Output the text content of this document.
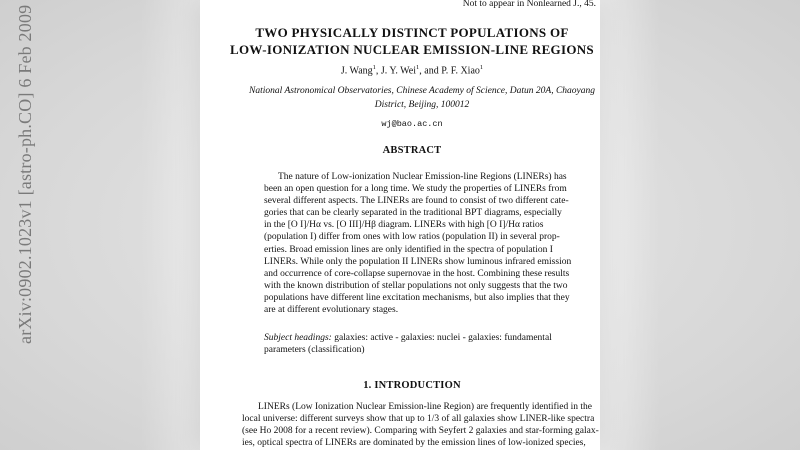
Not to appear in Nonlearned J., 45.
TWO PHYSICALLY DISTINCT POPULATIONS OF
LOW-IONIZATION NUCLEAR EMISSION-LINE REGIONS
J. Wang$^1$, J. Y. Wei$^1$, and P. F. Xiao$^1$
National Astronomical Observatories, Chinese Academy of Science, Datun 20A, Chaoyang
District, Beijing, 100012
wj@bao.ac.cn
ABSTRACT
The nature of Low-ionization Nuclear Emission-line Regions (LINERs) has
been an open question for a long time. We study the properties of LINERs from
several different aspects. The LINERs are found to consist of two different cate-
gories that can be clearly separated in the traditional BPT diagrams, especially
in the [O I]/Hα vs. [O III]/Hβ diagram. LINERs with high [O I]/Hα ratios
(population I) differ from ones with low ratios (population II) in several prop-
erties. Broad emission lines are only identified in the spectra of population I
LINERs. While only the population II LINERs show luminous infrared emission
and occurrence of core-collapse supernovae in the host. Combining these results
with the known distribution of stellar populations not only suggests that the two
populations have different line excitation mechanisms, but also implies that they
are at different evolutionary stages.
Subject headings: galaxies: active - galaxies: nuclei - galaxies: fundamental
parameters (classification)
1. INTRODUCTION
LINERs (Low Ionization Nuclear Emission-line Region) are frequently identified in the
local universe: different surveys show that up to 1/3 of all galaxies show LINER-like spectra
(see Ho 2008 for a recent review). Comparing with Seyfert 2 galaxies and star-forming galax-
ies, optical spectra of LINERs are dominated by the emission lines of low-ionized species,
arXiv:0902.1023v1 [astro-ph.CO] 6 Feb 2009
